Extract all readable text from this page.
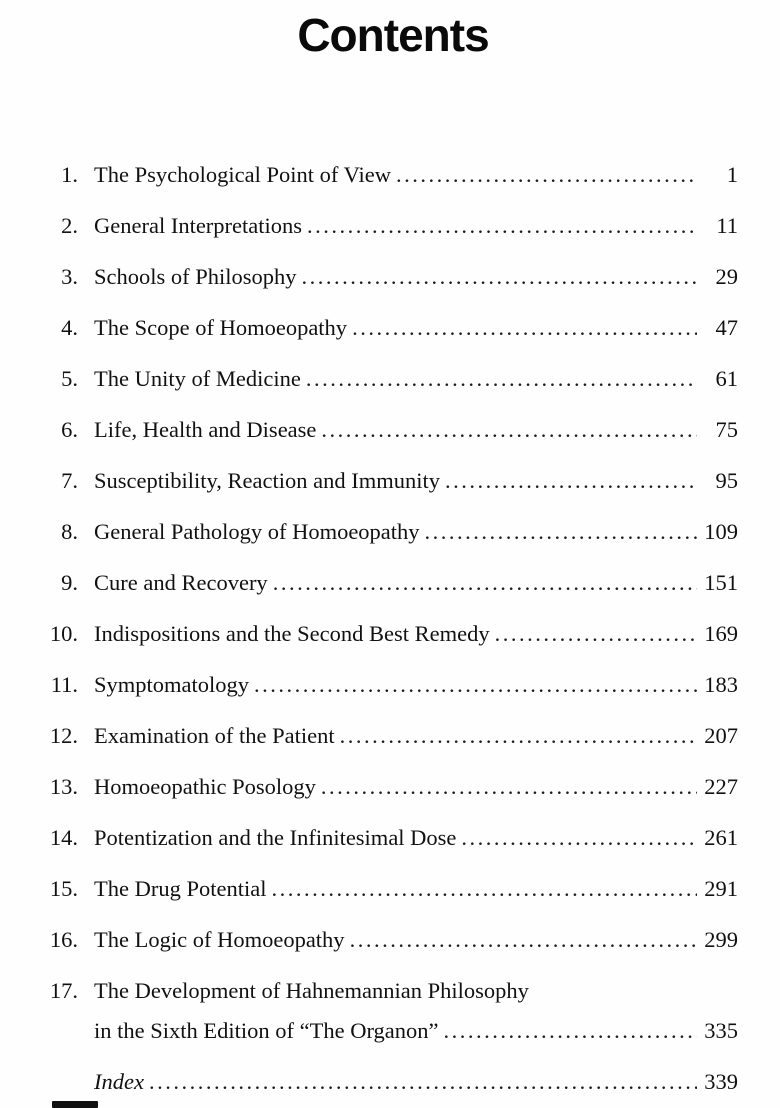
Contents
1. The Psychological Point of View .....	1
2. General Interpretations .....	11
3. Schools of Philosophy .....	29
4. The Scope of Homoeopathy .....	47
5. The Unity of Medicine .....	61
6. Life, Health and Disease .....	75
7. Susceptibility, Reaction and Immunity .....	95
8. General Pathology of Homoeopathy .....	109
9. Cure and Recovery .....	151
10. Indispositions and the Second Best Remedy .....	169
11. Symptomatology .....	183
12. Examination of the Patient .....	207
13. Homoeopathic Posology .....	227
14. Potentization and the Infinitesimal Dose .....	261
15. The Drug Potential .....	291
16. The Logic of Homoeopathy .....	299
17. The Development of Hahnemannian Philosophy
in the Sixth Edition of “The Organon” .....	335
Index .....	339
